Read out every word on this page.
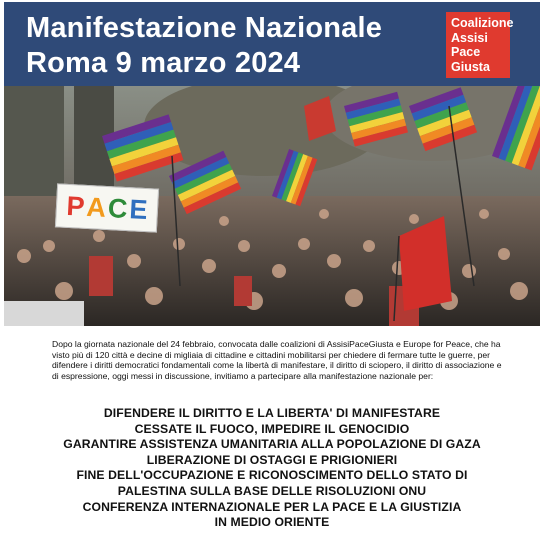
Manifestazione Nazionale
Roma 9 marzo 2024
Coalizione
Assisi
Pace
Giusta
P A C E
Dopo la giornata nazionale del 24 febbraio, convocata dalle coalizioni di AssisiPaceGiusta e Europe for Peace, che ha visto più di 120 città e decine di migliaia di cittadine e cittadini mobilitarsi per chiedere di fermare tutte le guerre, per difendere i diritti democratici fondamentali come la libertà di manifestare, il diritto di sciopero, il diritto di associazione e di espressione, oggi messi in discussione, invitiamo a partecipare alla manifestazione nazionale per:
DIFENDERE IL DIRITTO E LA LIBERTA' DI MANIFESTARE
CESSATE IL FUOCO, IMPEDIRE IL GENOCIDIO
GARANTIRE ASSISTENZA UMANITARIA ALLA POPOLAZIONE DI GAZA
LIBERAZIONE DI OSTAGGI E PRIGIONIERI
FINE DELL'OCCUPAZIONE E RICONOSCIMENTO DELLO STATO DI
PALESTINA SULLA BASE DELLE RISOLUZIONI ONU
CONFERENZA INTERNAZIONALE PER LA PACE E LA GIUSTIZIA
IN MEDIO ORIENTE
